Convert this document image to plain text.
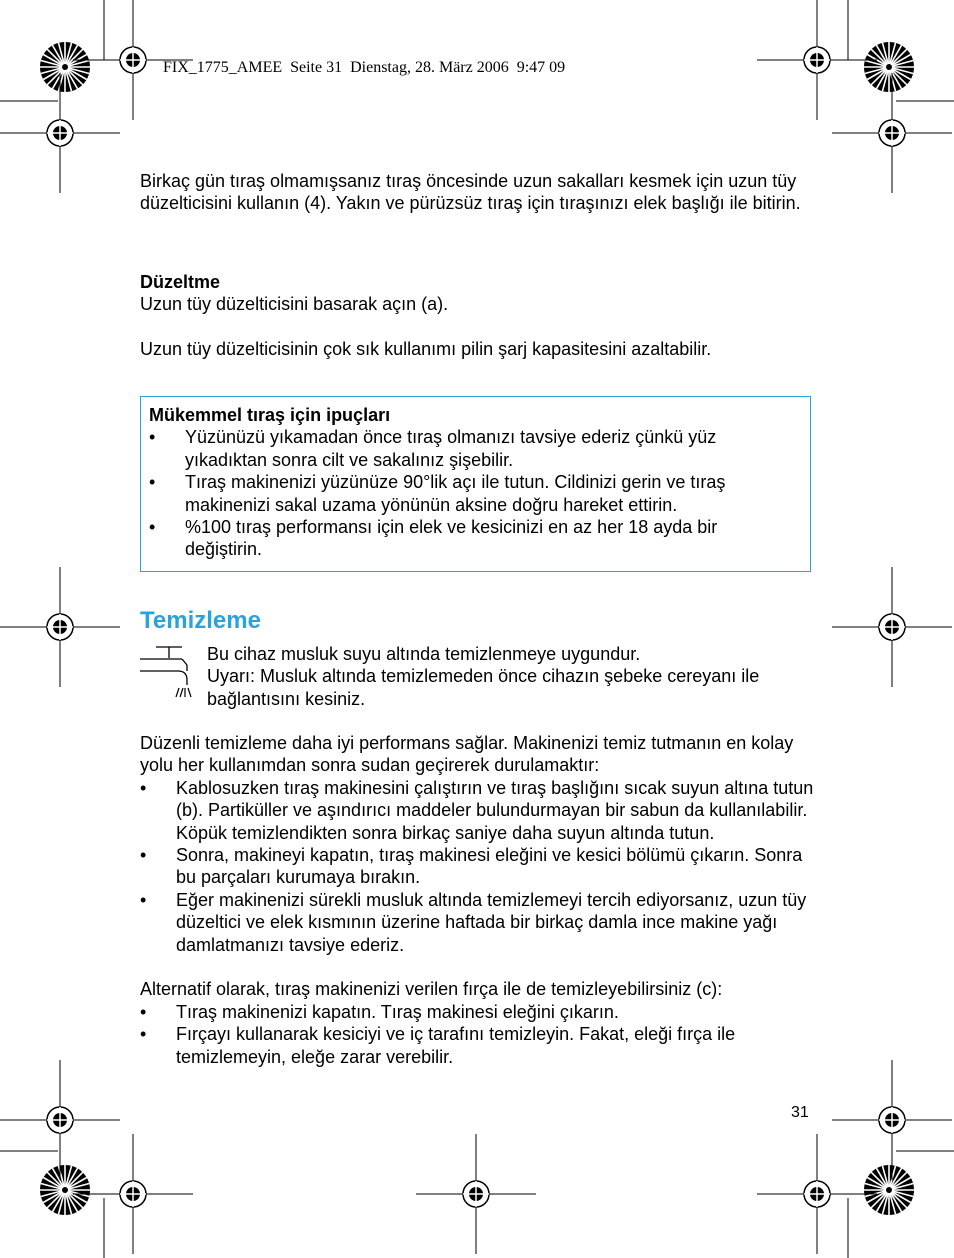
FIX_1775_AMEE  Seite 31  Dienstag, 28. März 2006  9:47 09

Birkaç gün tıraş olmamışsanız tıraş öncesinde uzun sakalları kesmek için uzun tüy düzelticisini kullanın (4). Yakın ve pürüzsüz tıraş için tıraşınızı elek başlığı ile bitirin.

Düzeltme

Uzun tüy düzelticisini basarak açın (a).

Uzun tüy düzelticisinin çok sık kullanımı pilin şarj kapasitesini azaltabilir.

Mükemmel tıraş için ipuçları

•	Yüzünüzü yıkamadan önce tıraş olmanızı tavsiye ederiz çünkü yüz yıkadıktan sonra cilt ve sakalınız şişebilir.
•	Tıraş makinenizi yüzünüze 90°lik açı ile tutun. Cildinizi gerin ve tıraş makinenizi sakal uzama yönünün aksine doğru hareket ettirin.
•	%100 tıraş performansı için elek ve kesicinizi en az her 18 ayda bir değiştirin.
Temizleme

Bu cihaz musluk suyu altında temizlenmeye uygundur.

Uyarı: Musluk altında temizlemeden önce cihazın şebeke cereyanı ile bağlantısını kesiniz.

Düzenli temizleme daha iyi performans sağlar. Makinenizi temiz tutmanın en kolay yolu her kullanımdan sonra sudan geçirerek durulamaktır:

•	Kablosuzken tıraş makinesini çalıştırın ve tıraş başlığını sıcak suyun altına tutun (b). Partiküller ve aşındırıcı maddeler bulundurmayan bir sabun da kullanılabilir. Köpük temizlendikten sonra birkaç saniye daha suyun altında tutun.
•	Sonra, makineyi kapatın, tıraş makinesi eleğini ve kesici bölümü çıkarın. Sonra bu parçaları kurumaya bırakın.
•	Eğer makinenizi sürekli musluk altında temizlemeyi tercih ediyorsanız, uzun tüy düzeltici ve elek kısmının üzerine haftada bir birkaç damla ince makine yağı damlatmanızı tavsiye ederiz.

Alternatif olarak, tıraş makinenizi verilen fırça ile de temizleyebilirsiniz (c):

•	Tıraş makinenizi kapatın. Tıraş makinesi eleğini çıkarın.
•	Fırçayı kullanarak kesiciyi ve iç tarafını temizleyin. Fakat, eleği fırça ile temizlemeyin, eleğe zarar verebilir.
31
